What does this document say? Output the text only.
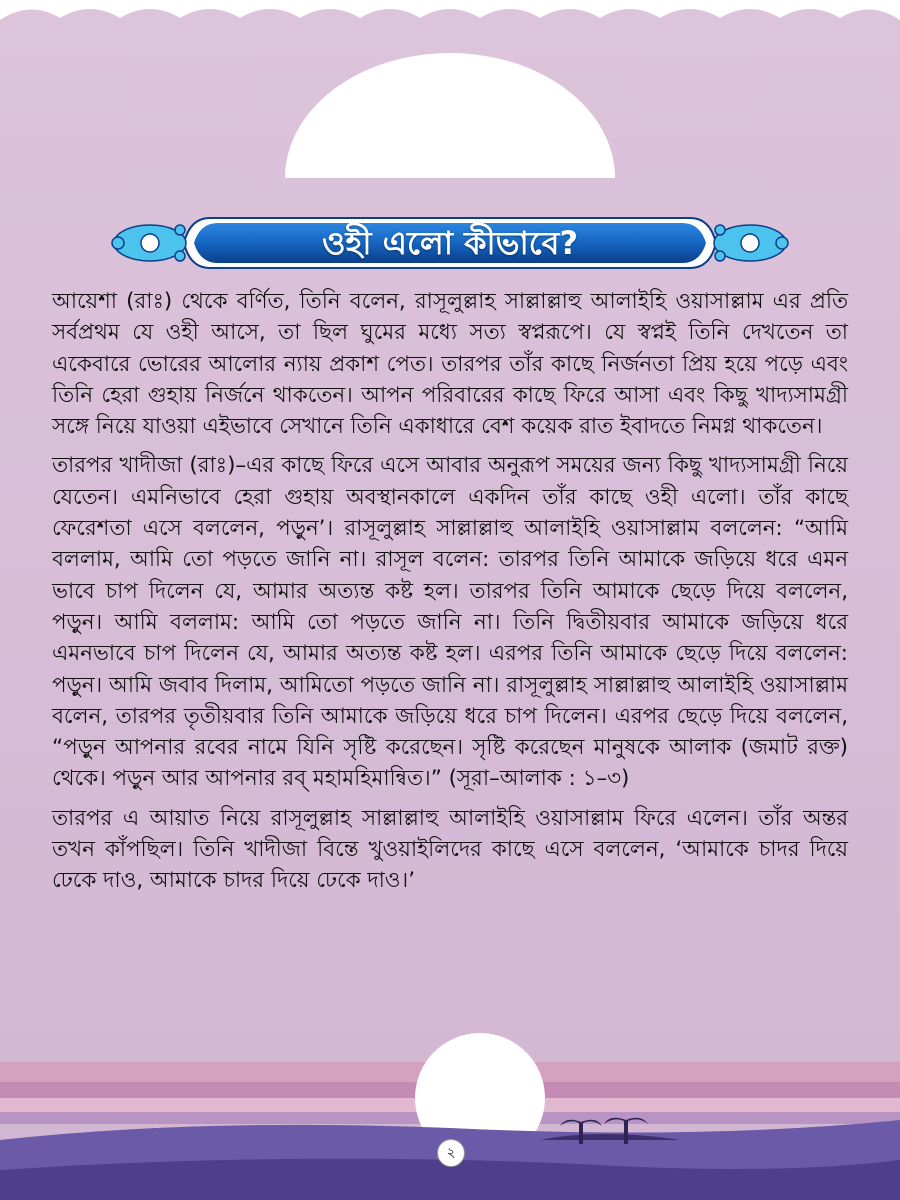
ওহী এলো কীভাবে?

আয়েশা (রাঃ) থেকে বর্ণিত, তিনি বলেন, রাসূলুল্লাহ সাল্লাল্লাহু আলাইহি ওয়াসাল্লাম এর প্রতি সর্বপ্রথম যে ওহী আসে, তা ছিল ঘুমের মধ্যে সত্য স্বপ্নরূপে। যে স্বপ্নই তিনি দেখতেন তা একেবারে ভোরের আলোর ন্যায় প্রকাশ পেত। তারপর তাঁর কাছে নির্জনতা প্রিয় হয়ে পড়ে এবং তিনি হেরা গুহায় নির্জনে থাকতেন। আপন পরিবারের কাছে ফিরে আসা এবং কিছু খাদ্যসামগ্রী সঙ্গে নিয়ে যাওয়া এইভাবে সেখানে তিনি একাধারে বেশ কয়েক রাত ইবাদতে নিমগ্ন থাকতেন।

তারপর খাদীজা (রাঃ)–এর কাছে ফিরে এসে আবার অনুরূপ সময়ের জন্য কিছু খাদ্যসামগ্রী নিয়ে যেতেন। এমনিভাবে হেরা গুহায় অবস্থানকালে একদিন তাঁর কাছে ওহী এলো। তাঁর কাছে ফেরেশতা এসে বললেন, পড়ুন’। রাসূলুল্লাহ সাল্লাল্লাহু আলাইহি ওয়াসাল্লাম বললেন: “আমি বললাম, আমি তো পড়তে জানি না। রাসূল বলেন: তারপর তিনি আমাকে জড়িয়ে ধরে এমন ভাবে চাপ দিলেন যে, আমার অত্যন্ত কষ্ট হল। তারপর তিনি আমাকে ছেড়ে দিয়ে বললেন, পড়ুন। আমি বললাম: আমি তো পড়তে জানি না। তিনি দ্বিতীয়বার আমাকে জড়িয়ে ধরে এমনভাবে চাপ দিলেন যে, আমার অত্যন্ত কষ্ট হল। এরপর তিনি আমাকে ছেড়ে দিয়ে বললেন: পড়ুন। আমি জবাব দিলাম, আমিতো পড়তে জানি না। রাসূলুল্লাহ সাল্লাল্লাহু আলাইহি ওয়াসাল্লাম বলেন, তারপর তৃতীয়বার তিনি আমাকে জড়িয়ে ধরে চাপ দিলেন। এরপর ছেড়ে দিয়ে বললেন, “পড়ুন আপনার রবের নামে যিনি সৃষ্টি করেছেন। সৃষ্টি করেছেন মানুষকে আলাক (জমাট রক্ত) থেকে। পড়ুন আর আপনার রব্ মহামহিমান্বিত।” (সূরা–আলাক : ১–৩)

তারপর এ আয়াত নিয়ে রাসূলুল্লাহ সাল্লাল্লাহু আলাইহি ওয়াসাল্লাম ফিরে এলেন। তাঁর অন্তর তখন কাঁপছিল। তিনি খাদীজা বিন্তে খুওয়াইলিদের কাছে এসে বললেন, ‘আমাকে চাদর দিয়ে ঢেকে দাও, আমাকে চাদর দিয়ে ঢেকে দাও।’

২
